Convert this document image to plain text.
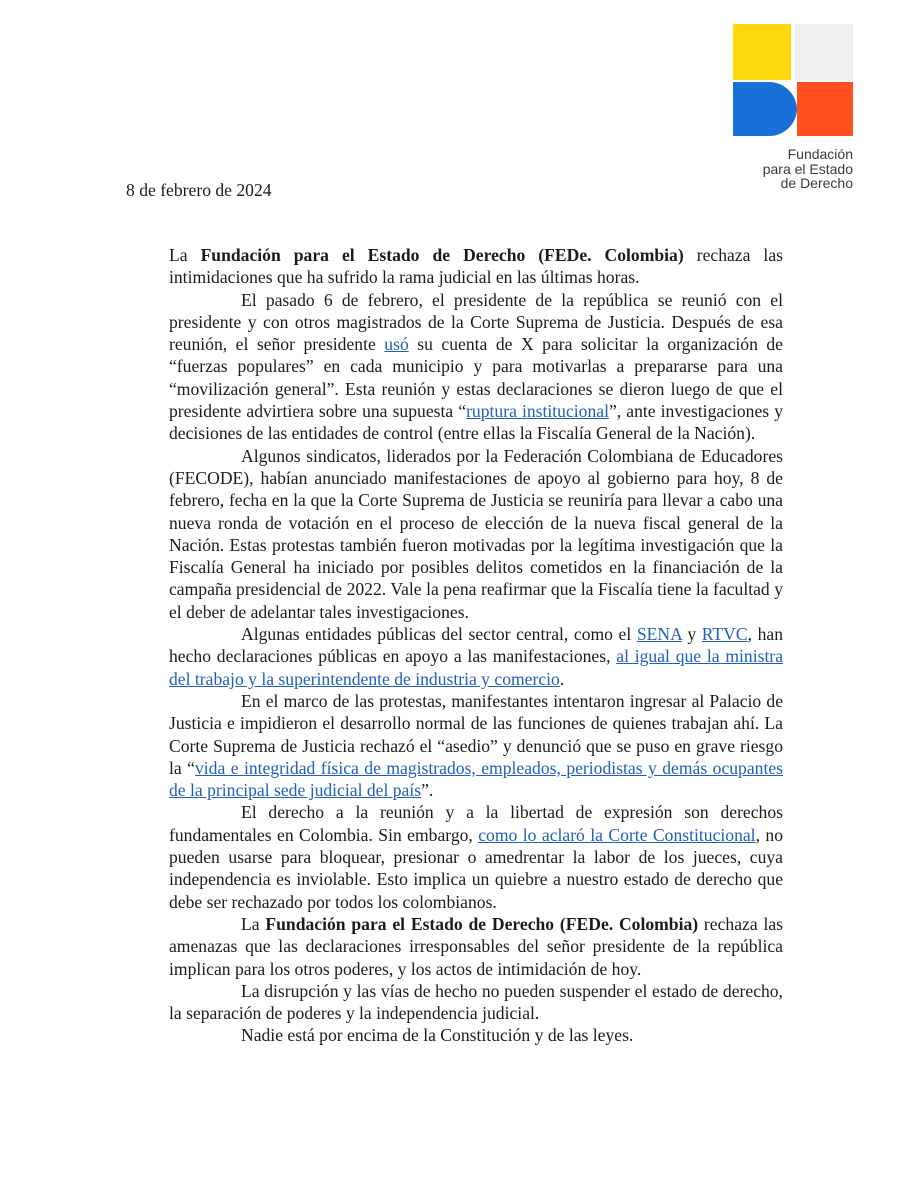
Fundación
para el Estado
de Derecho
8 de febrero de 2024

La Fundación para el Estado de Derecho (FEDe. Colombia) rechaza las intimidaciones que ha sufrido la rama judicial en las últimas horas.

El pasado 6 de febrero, el presidente de la república se reunió con el presidente y con otros magistrados de la Corte Suprema de Justicia. Después de esa reunión, el señor presidente usó su cuenta de X para solicitar la organización de “fuerzas populares” en cada municipio y para motivarlas a prepararse para una “movilización general”. Esta reunión y estas declaraciones se dieron luego de que el presidente advirtiera sobre una supuesta “ruptura institucional”, ante investigaciones y decisiones de las entidades de control (entre ellas la Fiscalía General de la Nación).

Algunos sindicatos, liderados por la Federación Colombiana de Educadores (FECODE), habían anunciado manifestaciones de apoyo al gobierno para hoy, 8 de febrero, fecha en la que la Corte Suprema de Justicia se reuniría para llevar a cabo una nueva ronda de votación en el proceso de elección de la nueva fiscal general de la Nación. Estas protestas también fueron motivadas por la legítima investigación que la Fiscalía General ha iniciado por posibles delitos cometidos en la financiación de la campaña presidencial de 2022. Vale la pena reafirmar que la Fiscalía tiene la facultad y el deber de adelantar tales investigaciones.

Algunas entidades públicas del sector central, como el SENA y RTVC, han hecho declaraciones públicas en apoyo a las manifestaciones, al igual que la ministra del trabajo y la superintendente de industria y comercio.

En el marco de las protestas, manifestantes intentaron ingresar al Palacio de Justicia e impidieron el desarrollo normal de las funciones de quienes trabajan ahí. La Corte Suprema de Justicia rechazó el “asedio” y denunció que se puso en grave riesgo la “vida e integridad física de magistrados, empleados, periodistas y demás ocupantes de la principal sede judicial del país”.

El derecho a la reunión y a la libertad de expresión son derechos fundamentales en Colombia. Sin embargo, como lo aclaró la Corte Constitucional, no pueden usarse para bloquear, presionar o amedrentar la labor de los jueces, cuya independencia es inviolable. Esto implica un quiebre a nuestro estado de derecho que debe ser rechazado por todos los colombianos.

La Fundación para el Estado de Derecho (FEDe. Colombia) rechaza las amenazas que las declaraciones irresponsables del señor presidente de la república implican para los otros poderes, y los actos de intimidación de hoy.

La disrupción y las vías de hecho no pueden suspender el estado de derecho, la separación de poderes y la independencia judicial.

Nadie está por encima de la Constitución y de las leyes.
